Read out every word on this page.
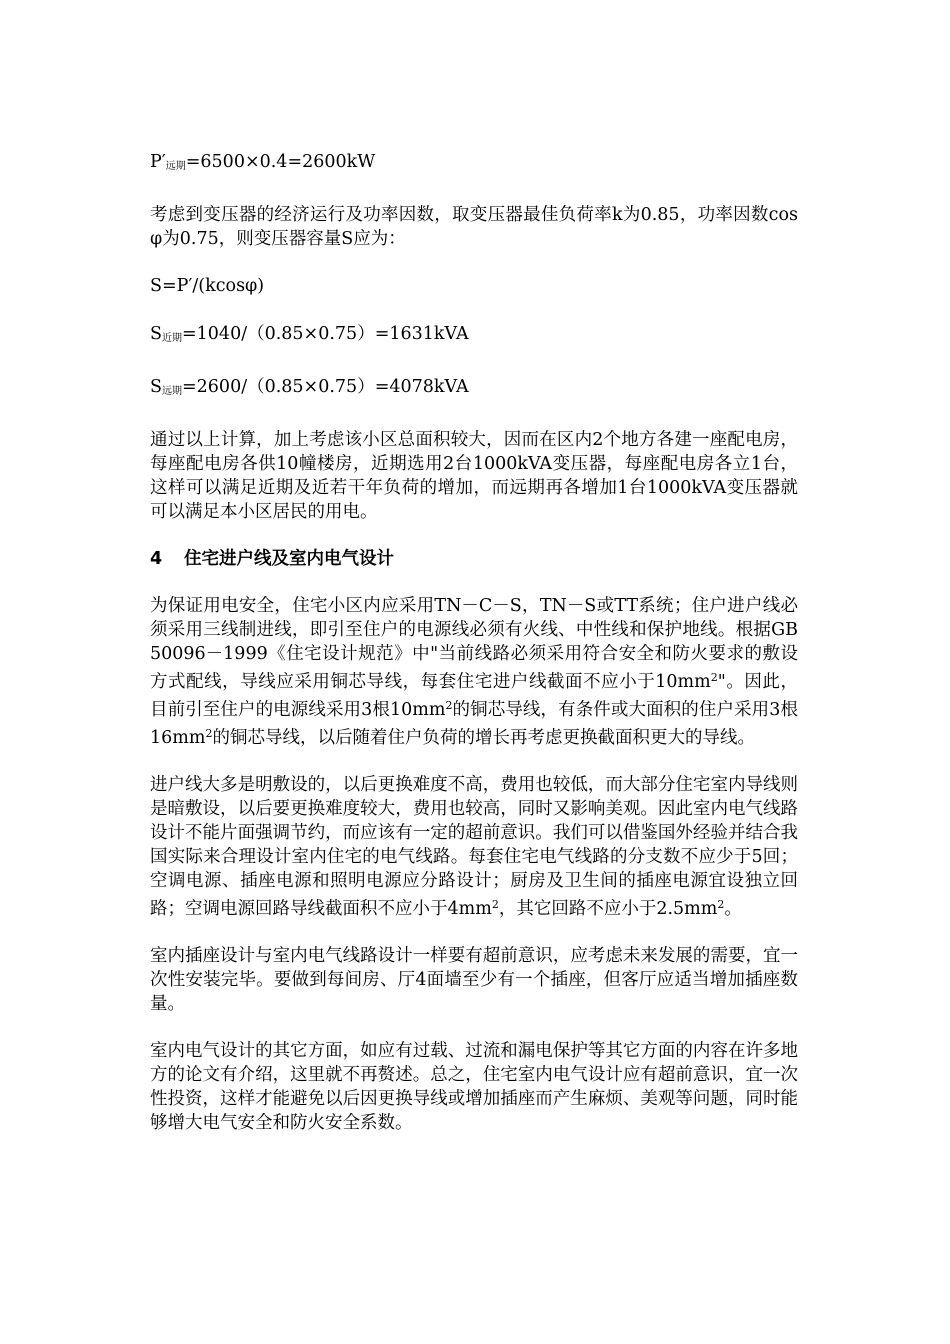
$P'_{远期}=6500\times 0.4=2600kW$

考虑到变压器的经济运行及功率因数，取变压器最佳负荷率k为0.85，功率因数cosφ为0.75，则变压器容量S应为：

S=P′/(kcosφ)

$S_{近期}=1040/(0.85\times 0.75)=1631kVA$

$S_{远期}=2600/(0.85\times 0.75)=4078kVA$

通过以上计算，加上考虑该小区总面积较大，因而在区内2个地方各建一座配电房，每座配电房各供10幢楼房，近期选用2台1000kVA变压器，每座配电房各立1台，这样可以满足近期及近若干年负荷的增加，而远期再各增加1台1000kVA变压器就可以满足本小区居民的用电。

4 住宅进户线及室内电气设计

为保证用电安全，住宅小区内应采用TN－C－S，TN－S或TT系统；住户进户线必须采用三线制进线，即引至住户的电源线必须有火线、中性线和保护地线。根据GB50096－1999《住宅设计规范》中"当前线路必须采用符合安全和防火要求的敷设方式配线，导线应采用铜芯导线，每套住宅进户线截面不应小于$10mm^2$"。因此，目前引至住户的电源线采用3根$10mm^2$的铜芯导线，有条件或大面积的住户采用3根$16mm^2$的铜芯导线，以后随着住户负荷的增长再考虑更换截面积更大的导线。

进户线大多是明敷设的，以后更换难度不高，费用也较低，而大部分住宅室内导线则是暗敷设，以后要更换难度较大，费用也较高，同时又影响美观。因此室内电气线路设计不能片面强调节约，而应该有一定的超前意识。我们可以借鉴国外经验并结合我国实际来合理设计室内住宅的电气线路。每套住宅电气线路的分支数不应少于5回；空调电源、插座电源和照明电源应分路设计；厨房及卫生间的插座电源宜设独立回路；空调电源回路导线截面积不应小于$4mm^2$，其它回路不应小于$2.5mm^2$。

室内插座设计与室内电气线路设计一样要有超前意识，应考虑未来发展的需要，宜一次性安装完毕。要做到每间房、厅4面墙至少有一个插座，但客厅应适当增加插座数量。

室内电气设计的其它方面，如应有过载、过流和漏电保护等其它方面的内容在许多地方的论文有介绍，这里就不再赘述。总之，住宅室内电气设计应有超前意识，宜一次性投资，这样才能避免以后因更换导线或增加插座而产生麻烦、美观等问题，同时能够增大电气安全和防火安全系数。
